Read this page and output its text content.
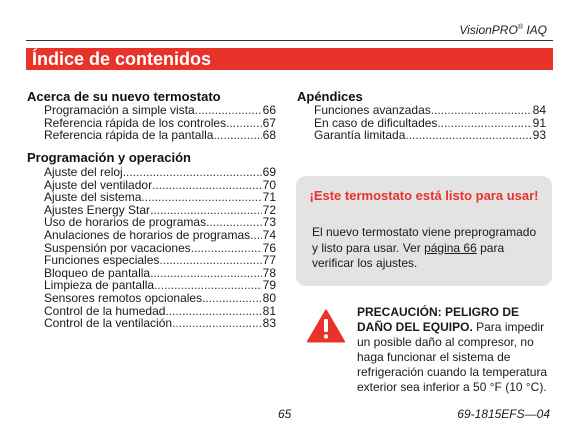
VisionPRO® IAQ
Índice de contenidos
Acerca de su nuevo termostato
Programación a simple vista .....	66
Referencia rápida de los controles .....	67
Referencia rápida de la pantalla .....	68
Programación y operación
Ajuste del reloj .....	69
Ajuste del ventilador .....	70
Ajuste del sistema .....	71
Ajustes Energy Star .....	72
Uso de horarios de programas .....	73
Anulaciones de horarios de programas ..... 74
Suspensión por vacaciones .....	76
Funciones especiales .....	77
Bloqueo de pantalla .....	78
Limpieza de pantalla .....	79
Sensores remotos opcionales .....	80
Control de la humedad .....	81
Control de la ventilación .....	83
Apéndices
Funciones avanzadas .....	84
En caso de dificultades .....	91
Garantía limitada .....	93
¡Este termostato está listo para usar!
El nuevo termostato viene preprogramado y listo para usar. Ver página 66 para verificar los ajustes.
PRECAUCIÓN: PELIGRO DE DAÑO DEL EQUIPO. Para impedir un posible daño al compresor, no haga funcionar el sistema de refrigeración cuando la temperatura exterior sea inferior a 50 °F (10 °C).
65	69-1815EFS—04
